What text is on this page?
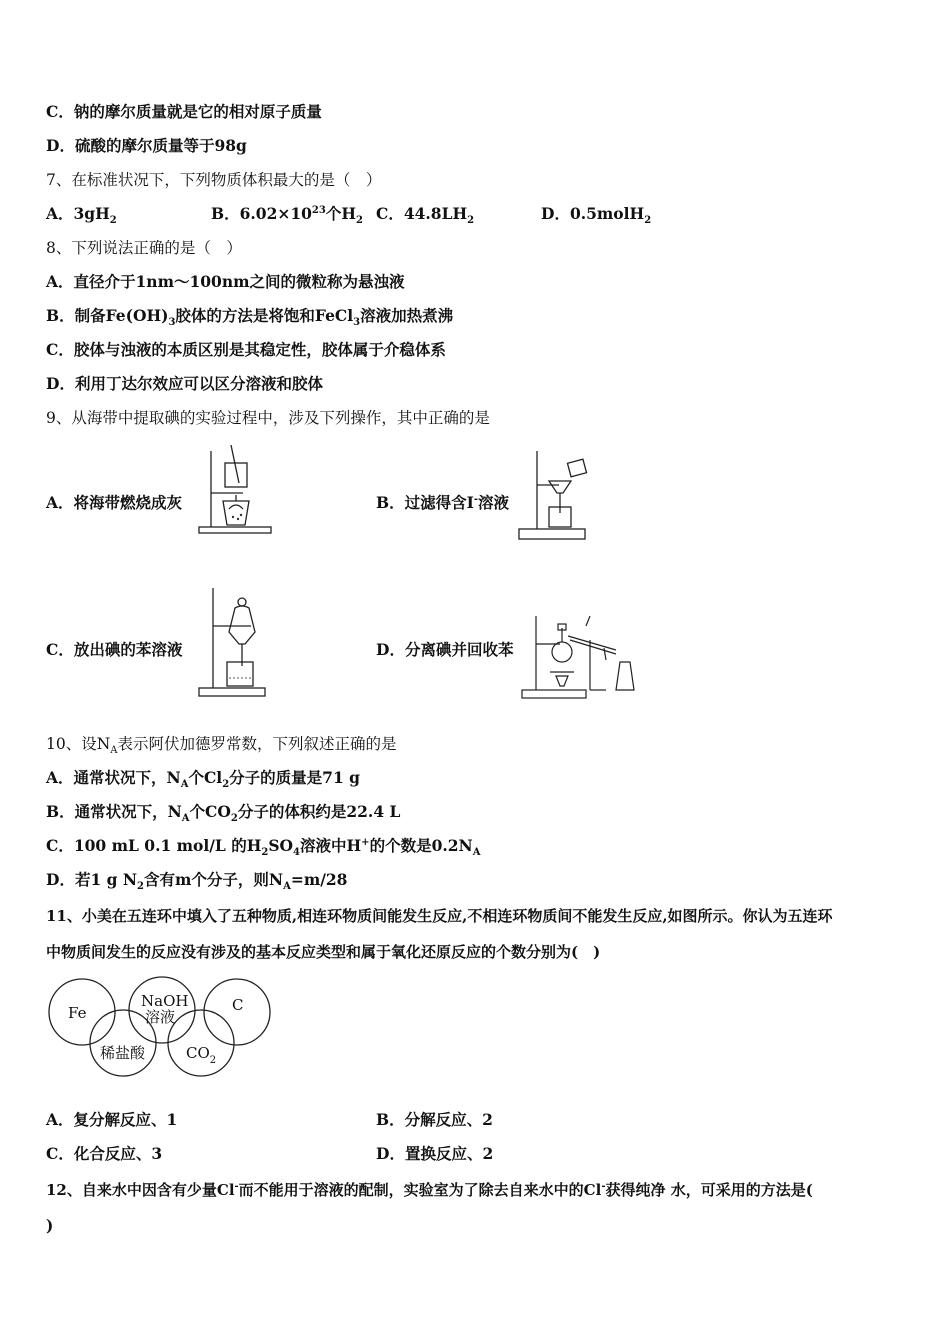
C．钠的摩尔质量就是它的相对原子质量
D．硫酸的摩尔质量等于98g
7、在标准状况下，下列物质体积最大的是（　）
A．$3gH_2$	B．$6.02\times 10^{23}$个$H_2$ C．$44.8LH_2$	D．0.5molH$_2$
8、下列说法正确的是（　）
A．直径介于1nm～100nm之间的微粒称为悬浊液
B．制备$Fe(OH)_3$胶体的方法是将饱和FeCl$_3$溶液加热煮沸
C．胶体与浊液的本质区别是其稳定性，胶体属于介稳体系
D．利用丁达尔效应可以区分溶液和胶体
9、从海带中提取碘的实验过程中，涉及下列操作，其中正确的是
A．将海带燃烧成灰	B．过滤得含I-溶液
C．放出碘的苯溶液	D．分离碘并回收苯
10、设$N_A$表示阿伏加德罗常数，下列叙述正确的是
A．通常状况下，$N_A$个$Cl_2$分子的质量是71 g
B．通常状况下，$N_A$个$CO_2$分子的体积约是22.4 L
C．100 mL 0.1 mol/L 的$H_2SO_4$溶液中H+的个数是$0.2N_A$
D．若1 g $N_2$含有m个分子，则$N_A=m/28$
11、小美在五连环中填入了五种物质,相连环物质间能发生反应,不相连环物质间不能发生反应,如图所示。你认为五连环
中物质间发生的反应没有涉及的基本反应类型和属于氧化还原反应的个数分别为(　)
Fe
NaOH
溶液
C
稀盐酸	$CO_2$
A．复分解反应、1	B．分解反应、2
C．化合反应、3	D．置换反应、2
12、自来水中因含有少量Cl-而不能用于溶液的配制，实验室为了除去自来水中的Cl-获得纯净 水，可采用的方法是(
)
